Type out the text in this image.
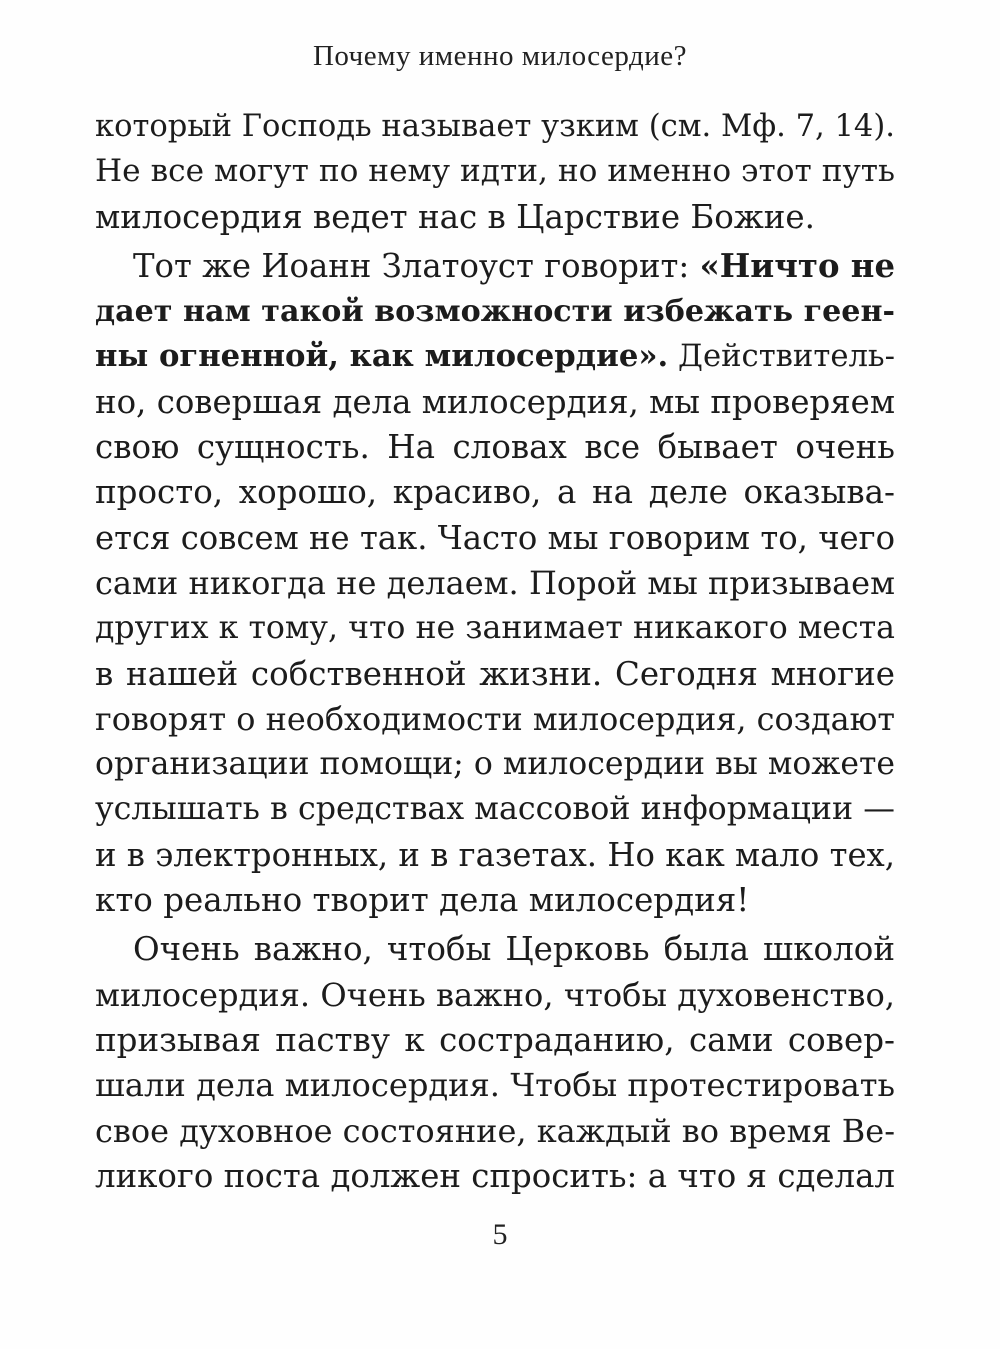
Почему именно милосердие?
который Господь называет узким (см. Мф. 7, 14).
Не все могут по нему идти, но именно этот путь
милосердия ведет нас в Царствие Божие.
Тот же Иоанн Златоуст говорит: «Ничто не
дает нам такой возможности избежать геен-
ны огненной, как милосердие». Действитель-
но, совершая дела милосердия, мы проверяем
свою сущность. На словах все бывает очень
просто, хорошо, красиво, а на деле оказыва-
ется совсем не так. Часто мы говорим то, чего
сами никогда не делаем. Порой мы призываем
других к тому, что не занимает никакого места
в нашей собственной жизни. Сегодня многие
говорят о необходимости милосердия, создают
организации помощи; о милосердии вы можете
услышать в средствах массовой информации —
и в электронных, и в газетах. Но как мало тех,
кто реально творит дела милосердия!
Очень важно, чтобы Церковь была школой
милосердия. Очень важно, чтобы духовенство,
призывая паству к состраданию, сами совер-
шали дела милосердия. Чтобы протестировать
свое духовное состояние, каждый во время Ве-
ликого поста должен спросить: а что я сделал
5
